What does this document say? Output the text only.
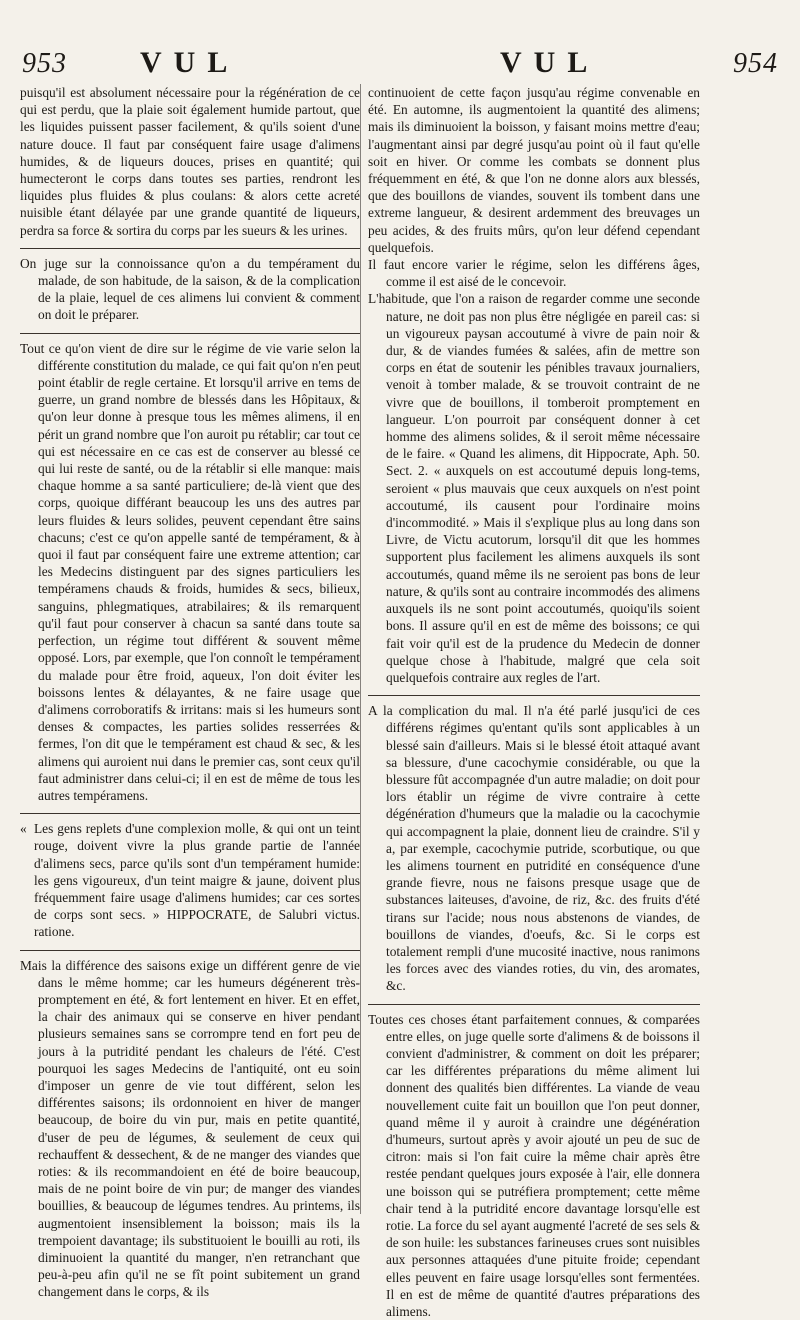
953 VUL	VUL	954

puisqu'il est absolument nécessaire pour la régénération de ce qui est perdu, que la plaie soit également humide partout, que les liquides puissent passer facilement, & qu'ils soient d'une nature douce. Il faut par conséquent faire usage d'alimens humides, & de liqueurs douces, prises en quantité; qui humecteront le corps dans toutes ses parties, rendront les liquides plus fluides & plus coulans: & alors cette acreté nuisible étant délayée par une grande quantité de liqueurs, perdra sa force & sortira du corps par les sueurs & les urines.

On juge sur la connoissance qu'on a du tempérament du malade, de son habitude, de la saison, & de la complication de la plaie, lequel de ces alimens lui convient & comment on doit le préparer.

Tout ce qu'on vient de dire sur le régime de vie varie selon la différente constitution du malade, ce qui fait qu'on n'en peut point établir de regle certaine. Et lorsqu'il arrive en tems de guerre, un grand nombre de blessés dans les Hôpitaux, & qu'on leur donne à presque tous les mêmes alimens, il en périt un grand nombre que l'on auroit pu rétablir; car tout ce qui est nécessaire en ce cas est de conserver au blessé ce qui lui reste de santé, ou de la rétablir si elle manque: mais chaque homme a sa santé particuliere; de-là vient que des corps, quoique différant beaucoup les uns des autres par leurs fluides & leurs solides, peuvent cependant être sains chacuns; c'est ce qu'on appelle santé de tempérament, & à quoi il faut par conséquent faire une extreme attention; car les Medecins distinguent par des signes particuliers les tempéramens chauds & froids, humides & secs, bilieux, sanguins, phlegmatiques, atrabilaires; & ils remarquent qu'il faut pour conserver à chacun sa santé dans toute sa perfection, un régime tout différent & souvent même opposé. Lors, par exemple, que l'on connoît le tempérament du malade pour être froid, aqueux, l'on doit éviter les boissons lentes & délayantes, & ne faire usage que d'alimens corroboratifs & irritans: mais si les humeurs sont denses & compactes, les parties solides resserrées & fermes, l'on dit que le tempérament est chaud & sec, & les alimens qui auroient nui dans le premier cas, sont ceux qu'il faut administrer dans celui-ci; il en est de même de tous les autres tempéramens.

« Les gens replets d'une complexion molle, & qui ont un teint rouge, doivent vivre la plus grande partie de l'année d'alimens secs, parce qu'ils sont d'un tempérament humide: les gens vigoureux, d'un teint maigre & jaune, doivent plus fréquemment faire usage d'alimens humides; car ces sortes de corps sont secs. » HIPPOCRATE, de Salubri victus. ratione.

Mais la différence des saisons exige un différent genre de vie dans le même homme; car les humeurs dégénerent très-promptement en été, & fort lentement en hiver. Et en effet, la chair des animaux qui se conserve en hiver pendant plusieurs semaines sans se corrompre tend en fort peu de jours à la putridité pendant les chaleurs de l'été. C'est pourquoi les sages Medecins de l'antiquité, ont eu soin d'imposer un genre de vie tout différent, selon les différentes saisons; ils ordonnoient en hiver de manger beaucoup, de boire du vin pur, mais en petite quantité, d'user de peu de légumes, & seulement de ceux qui rechauffent & dessechent, & de ne manger des viandes que roties: & ils recommandoient en été de boire beaucoup, mais de ne point boire de vin pur; de manger des viandes bouillies, & beaucoup de légumes tendres. Au printems, ils augmentoient insensiblement la boisson; mais ils la trempoient davantage; ils substituoient le bouilli au roti, ils diminuoient la quantité du manger, n'en retranchant que peu-à-peu afin qu'il ne se fît point subitement un grand changement dans le corps, & ils

continuoient de cette façon jusqu'au régime convenable en été. En automne, ils augmentoient la quantité des alimens; mais ils diminuoient la boisson, y faisant moins mettre d'eau; l'augmentant ainsi par degré jusqu'au point où il faut qu'elle soit en hiver. Or comme les combats se donnent plus fréquemment en été, & que l'on ne donne alors aux blessés, que des bouillons de viandes, souvent ils tombent dans une extreme langueur, & desirent ardemment des breuvages un peu acides, & des fruits mûrs, qu'on leur défend cependant quelquefois.

Il faut encore varier le régime, selon les différens âges, comme il est aisé de le concevoir.

L'habitude, que l'on a raison de regarder comme une seconde nature, ne doit pas non plus être négligée en pareil cas: si un vigoureux paysan accoutumé à vivre de pain noir & dur, & de viandes fumées & salées, afin de mettre son corps en état de soutenir les pénibles travaux journaliers, venoit à tomber malade, & se trouvoit contraint de ne vivre que de bouillons, il tomberoit promptement en langueur. L'on pourroit par conséquent donner à cet homme des alimens solides, & il seroit même nécessaire de le faire. « Quand les alimens, dit Hippocrate, Aph. 50. Sect. 2. « auxquels on est accoutumé depuis long-tems, seroient « plus mauvais que ceux auxquels on n'est point accoutumé, ils causent pour l'ordinaire moins d'incommodité. » Mais il s'explique plus au long dans son Livre, de Victu acutorum, lorsqu'il dit que les hommes supportent plus facilement les alimens auxquels ils sont accoutumés, quand même ils ne seroient pas bons de leur nature, & qu'ils sont au contraire incommodés des alimens auxquels ils ne sont point accoutumés, quoiqu'ils soient bons. Il assure qu'il en est de même des boissons; ce qui fait voir qu'il est de la prudence du Medecin de donner quelque chose à l'habitude, malgré que cela soit quelquefois contraire aux regles de l'art.

A la complication du mal. Il n'a été parlé jusqu'ici de ces différens régimes qu'entant qu'ils sont applicables à un blessé sain d'ailleurs. Mais si le blessé étoit attaqué avant sa blessure, d'une cacochymie considérable, ou que la blessure fût accompagnée d'un autre maladie; on doit pour lors établir un régime de vivre contraire à cette dégénération d'humeurs que la maladie ou la cacochymie qui accompagnent la plaie, donnent lieu de craindre. S'il y a, par exemple, cacochymie putride, scorbutique, ou que les alimens tournent en putridité en conséquence d'une grande fievre, nous ne faisons presque usage que de substances laiteuses, d'avoine, de riz, &c. des fruits d'été tirans sur l'acide; nous nous abstenons de viandes, de bouillons de viandes, d'oeufs, &c. Si le corps est totalement rempli d'une mucosité inactive, nous ranimons les forces avec des viandes roties, du vin, des aromates, &c.

Toutes ces choses étant parfaitement connues, & comparées entre elles, on juge quelle sorte d'alimens & de boissons il convient d'administrer, & comment on doit les préparer; car les différentes préparations du même aliment lui donnent des qualités bien différentes. La viande de veau nouvellement cuite fait un bouillon que l'on peut donner, quand même il y auroit à craindre une dégénération d'humeurs, surtout après y avoir ajouté un peu de suc de citron: mais si l'on fait cuire la même chair après être restée pendant quelques jours exposée à l'air, elle donnera une boisson qui se putréfiera promptement; cette même chair tend à la putridité encore davantage lorsqu'elle est rotie. La force du sel ayant augmenté l'acreté de ses sels & de son huile: les substances farineuses crues sont nuisibles aux personnes attaquées d'une pituite froide; cependant elles peuvent en faire usage lorsqu'elles sont fermentées. Il en est de même de quantité d'autres préparations des alimens.
